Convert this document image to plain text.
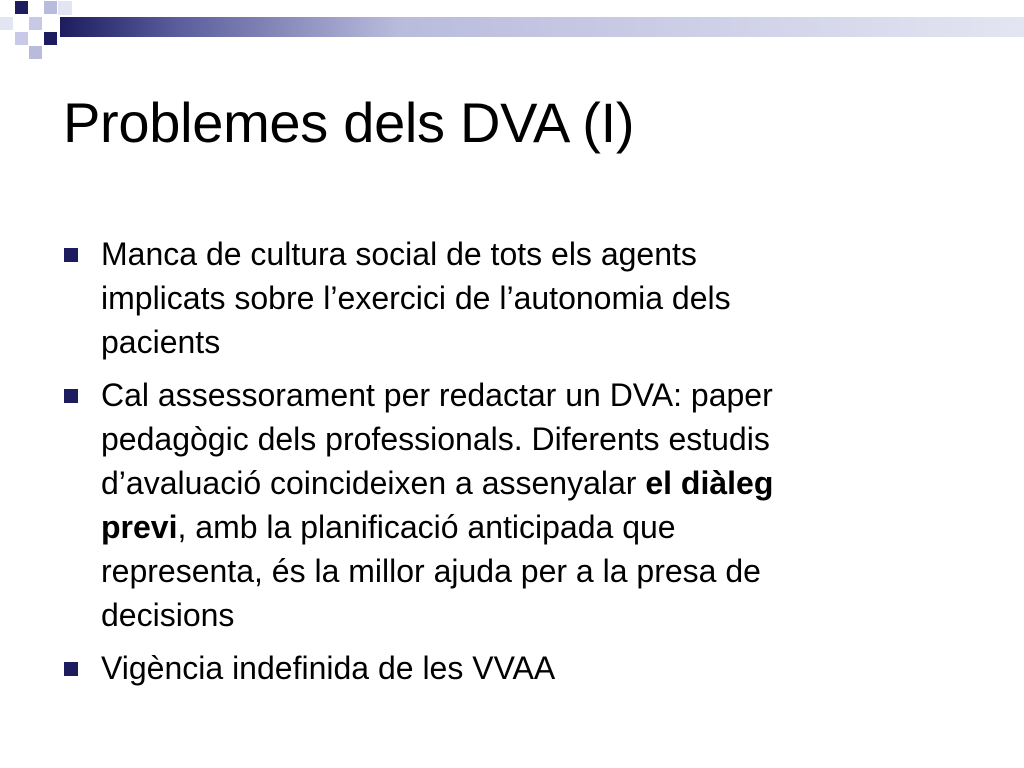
Problemes dels DVA (I)
Manca de cultura social de tots els agents
implicats sobre l’exercici de l’autonomia dels
pacients
Cal assessorament per redactar un DVA: paper
pedagògic dels professionals. Diferents estudis
d’avaluació coincideixen a assenyalar el diàleg
previ, amb la planificació anticipada que
representa, és la millor ajuda per a la presa de
decisions
Vigència indefinida de les VVAA
